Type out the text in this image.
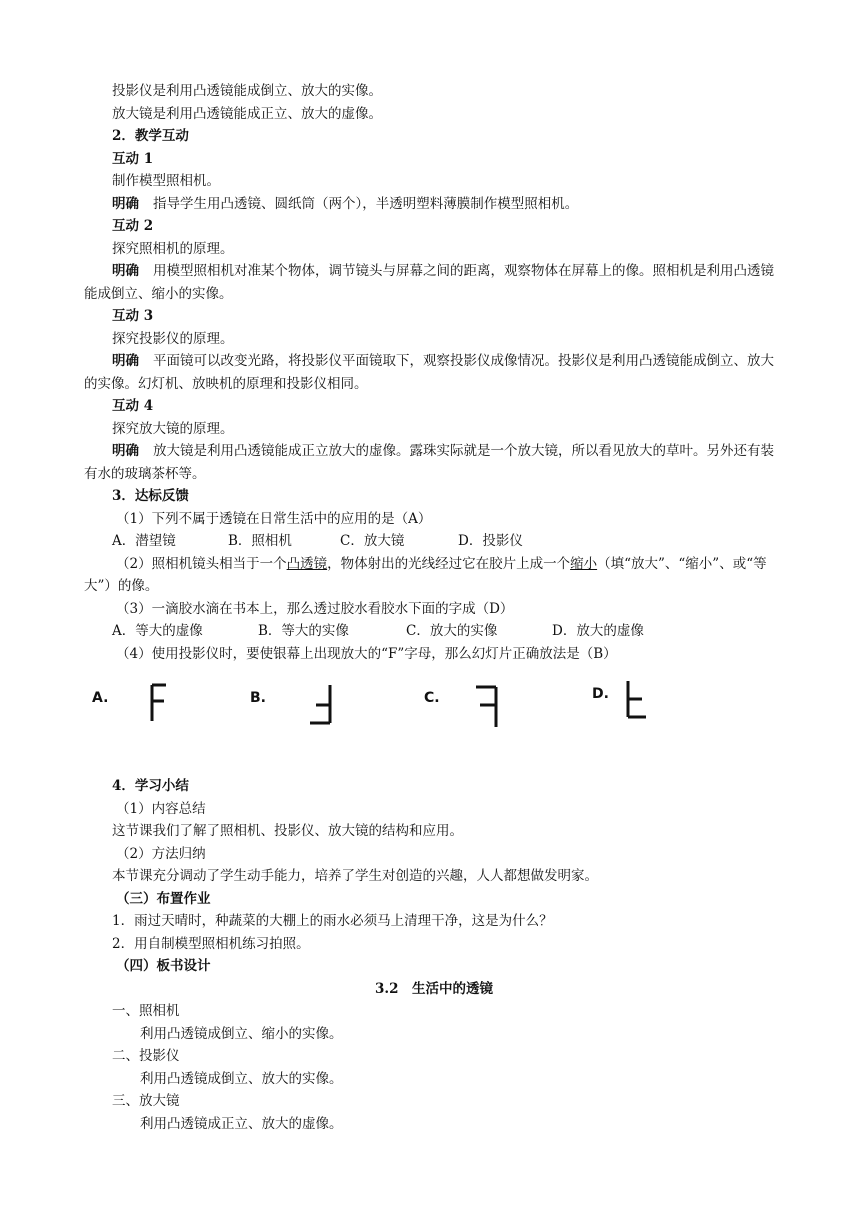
投影仪是利用凸透镜能成倒立、放大的实像。
放大镜是利用凸透镜能成正立、放大的虚像。
2．教学互动
互动 1
制作模型照相机。
明确 指导学生用凸透镜、圆纸筒（两个），半透明塑料薄膜制作模型照相机。
互动 2
探究照相机的原理。
明确 用模型照相机对准某个物体，调节镜头与屏幕之间的距离，观察物体在屏幕上的像。照相机是利用凸透镜能成倒立、缩小的实像。
互动 3
探究投影仪的原理。
明确 平面镜可以改变光路，将投影仪平面镜取下，观察投影仪成像情况。投影仪是利用凸透镜能成倒立、放大的实像。幻灯机、放映机的原理和投影仪相同。
互动 4
探究放大镜的原理。
明确 放大镜是利用凸透镜能成正立放大的虚像。露珠实际就是一个放大镜，所以看见放大的草叶。另外还有装有水的玻璃茶杯等。
3．达标反馈
（1）下列不属于透镜在日常生活中的应用的是（A）
A．潜望镜	B．照相机	C．放大镜	D．投影仪
（2）照相机镜头相当于一个凸透镜，物体射出的光线经过它在胶片上成一个缩小（填“放大”、“缩小”、或“等大”）的像。
（3）一滴胶水滴在书本上，那么透过胶水看胶水下面的字成（D）
A．等大的虚像	B．等大的实像	C．放大的实像	D．放大的虚像
（4）使用投影仪时，要使银幕上出现放大的“F”字母，那么幻灯片正确放法是（B）
A.	B.	C.	D.
4．学习小结
（1）内容总结
这节课我们了解了照相机、投影仪、放大镜的结构和应用。
（2）方法归纳
本节课充分调动了学生动手能力，培养了学生对创造的兴趣，人人都想做发明家。
（三）布置作业
1．雨过天晴时，种蔬菜的大棚上的雨水必须马上清理干净，这是为什么？
2．用自制模型照相机练习拍照。
（四）板书设计
3.2　生活中的透镜
一、照相机
利用凸透镜成倒立、缩小的实像。
二、投影仪
利用凸透镜成倒立、放大的实像。
三、放大镜
利用凸透镜成正立、放大的虚像。
